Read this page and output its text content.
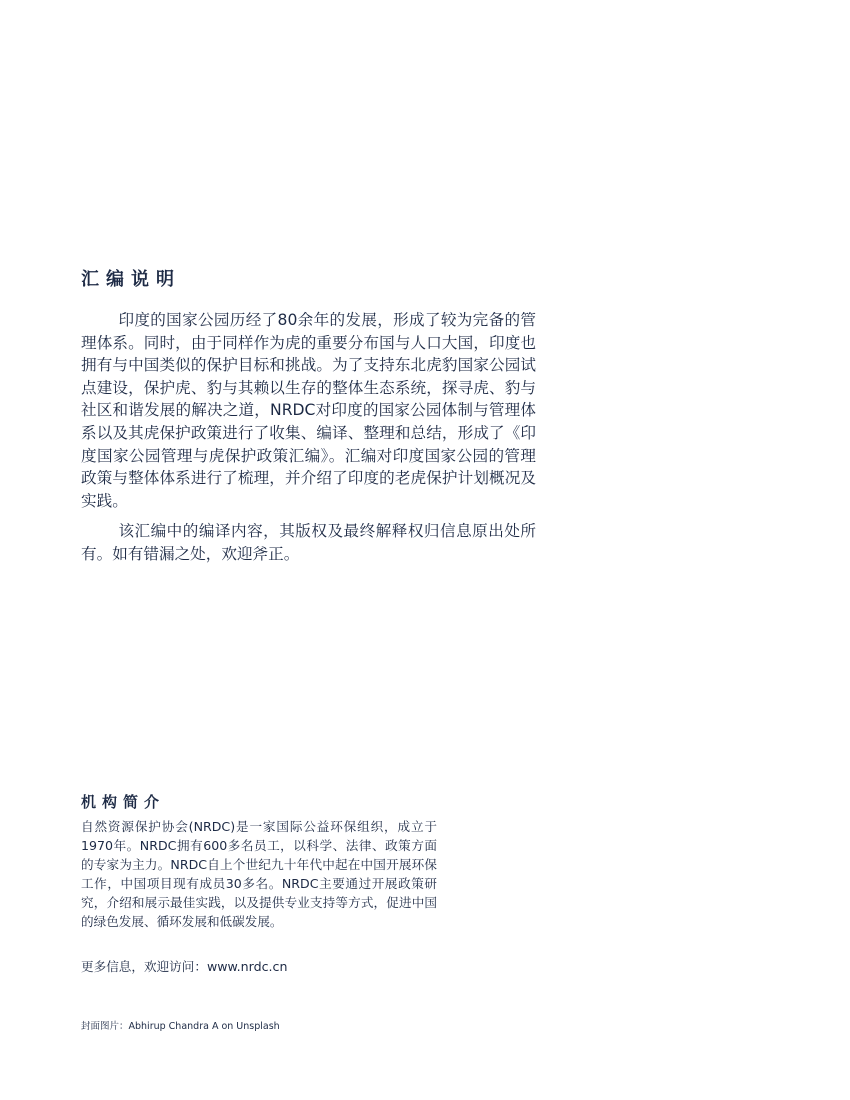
汇编说明

印度的国家公园历经了80余年的发展，形成了较为完备的管理体系。同时，由于同样作为虎的重要分布国与人口大国，印度也拥有与中国类似的保护目标和挑战。为了支持东北虎豹国家公园试点建设，保护虎、豹与其赖以生存的整体生态系统，探寻虎、豹与社区和谐发展的解决之道，NRDC对印度的国家公园体制与管理体系以及其虎保护政策进行了收集、编译、整理和总结，形成了《印度国家公园管理与虎保护政策汇编》。汇编对印度国家公园的管理政策与整体体系进行了梳理，并介绍了印度的老虎保护计划概况及实践。

该汇编中的编译内容，其版权及最终解释权归信息原出处所有。如有错漏之处，欢迎斧正。

机构简介

自然资源保护协会(NRDC)是一家国际公益环保组织，成立于1970年。NRDC拥有600多名员工，以科学、法律、政策方面的专家为主力。NRDC自上个世纪九十年代中起在中国开展环保工作，中国项目现有成员30多名。NRDC主要通过开展政策研究，介绍和展示最佳实践，以及提供专业支持等方式，促进中国的绿色发展、循环发展和低碳发展。

更多信息，欢迎访问：www.nrdc.cn
封面图片：Abhirup Chandra A on Unsplash
